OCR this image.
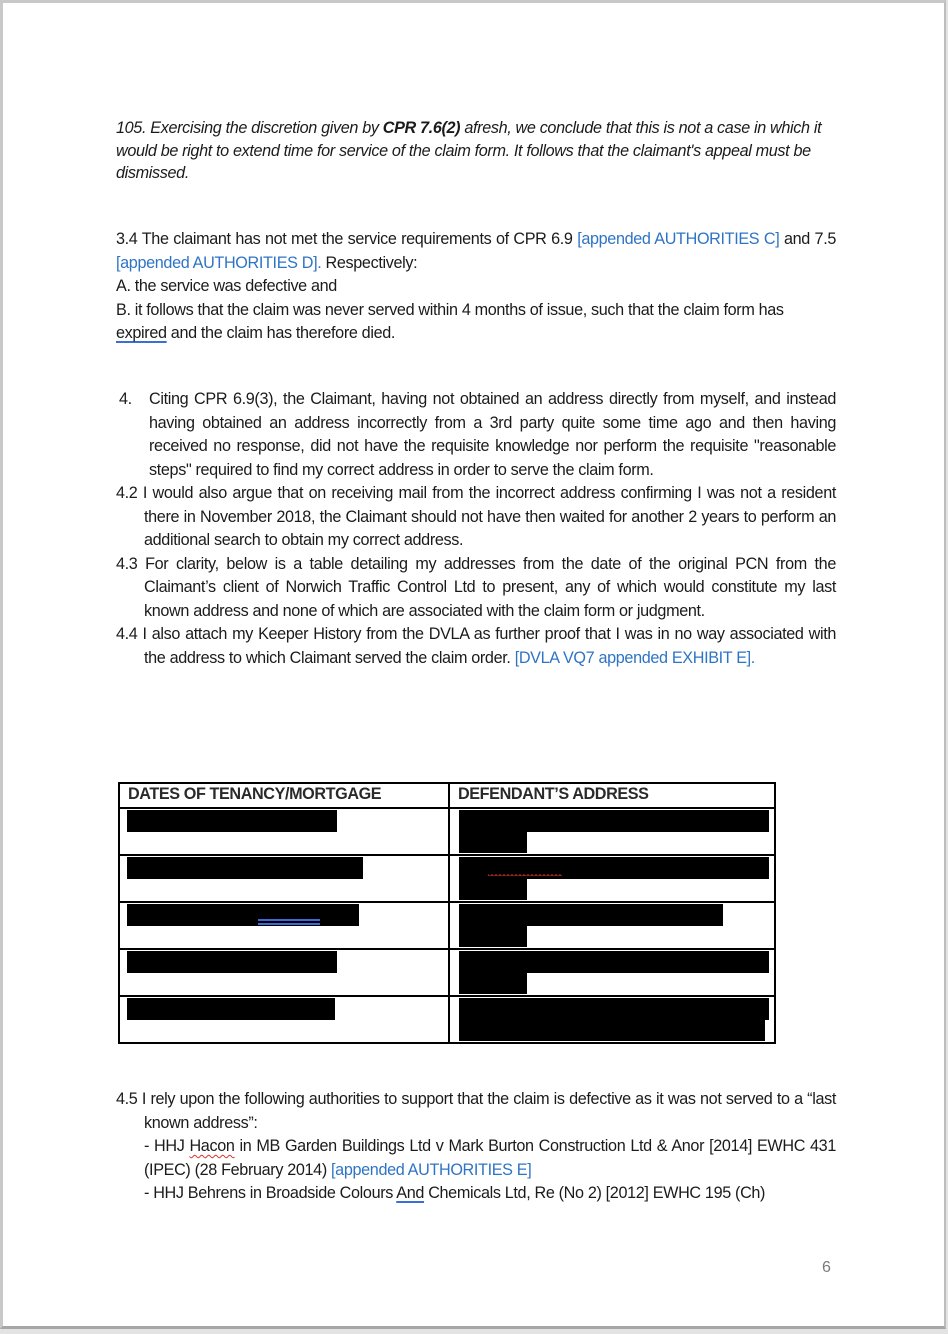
105. Exercising the discretion given by CPR 7.6(2) afresh, we conclude that this is not a case in which it would be right to extend time for service of the claim form. It follows that the claimant's appeal must be dismissed.

3.4 The claimant has not met the service requirements of CPR 6.9 [appended AUTHORITIES C] and 7.5 [appended AUTHORITIES D]. Respectively:
A. the service was defective and
B. it follows that the claim was never served within 4 months of issue, such that the claim form has expired and the claim has therefore died.
4.	Citing CPR 6.9(3), the Claimant, having not obtained an address directly from myself, and instead having obtained an address incorrectly from a 3rd party quite some time ago and then having received no response, did not have the requisite knowledge nor perform the requisite "reasonable steps" required to find my correct address in order to serve the claim form.
4.2 I would also argue that on receiving mail from the incorrect address confirming I was not a resident there in November 2018, the Claimant should not have then waited for another 2 years to perform an additional search to obtain my correct address.
4.3 For clarity, below is a table detailing my addresses from the date of the original PCN from the Claimant’s client of Norwich Traffic Control Ltd to present, any of which would constitute my last known address and none of which are associated with the claim form or judgment.
4.4 I also attach my Keeper History from the DVLA as further proof that I was in no way associated with the address to which Claimant served the claim order. [DVLA VQ7 appended EXHIBIT E].
DATES OF TENANCY/MORTGAGE	DEFENDANT’S ADDRESS

4.5 I rely upon the following authorities to support that the claim is defective as it was not served to a “last known address”:
- HHJ Hacon in MB Garden Buildings Ltd v Mark Burton Construction Ltd & Anor [2014] EWHC 431 (IPEC) (28 February 2014) [appended AUTHORITIES E]
- HHJ Behrens in Broadside Colours And Chemicals Ltd, Re (No 2) [2012] EWHC 195 (Ch)
6
